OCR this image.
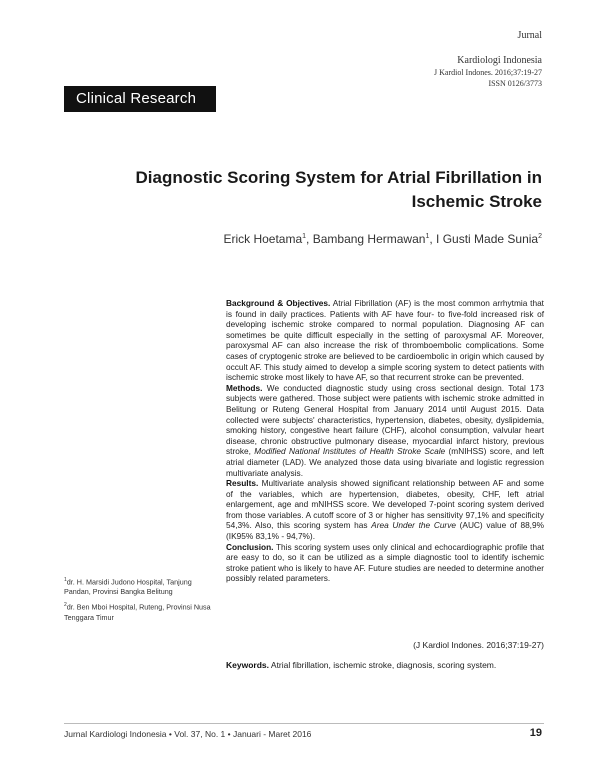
Jurnal
Kardiologi Indonesia
J Kardiol Indones. 2016;37:19-27
ISSN 0126/3773
Clinical Research
Diagnostic Scoring System for Atrial Fibrillation in
Ischemic Stroke
Erick Hoetama$^1$, Bambang Hermawan$^1$, I Gusti Made Sunia$^2$

Background & Objectives. Atrial Fibrillation (AF) is the most common arrhytmia that is found in daily practices. Patients with AF have four- to five-fold increased risk of developing ischemic stroke compared to normal population. Diagnosing AF can sometimes be quite difficult especially in the setting of paroxysmal AF. Moreover, paroxysmal AF can also increase the risk of thromboembolic complications. Some cases of cryptogenic stroke are believed to be cardioembolic in origin which caused by occult AF. This study aimed to develop a simple scoring system to detect patients with ischemic stroke most likely to have AF, so that recurrent stroke can be prevented.

Methods. We conducted diagnostic study using cross sectional design. Total 173 subjects were gathered. Those subject were patients with ischemic stroke admitted in Belitung or Ruteng General Hospital from January 2014 until August 2015. Data collected were subjects' characteristics, hypertension, diabetes, obesity, dyslipidemia, smoking history, congestive heart failure (CHF), alcohol consumption, valvular heart disease, chronic obstructive pulmonary disease, myocardial infarct history, previous stroke, Modified National Institutes of Health Stroke Scale (mNIHSS) score, and left atrial diameter (LAD). We analyzed those data using bivariate and logistic regression multivariate analysis.

Results. Multivariate analysis showed significant relationship between AF and some of the variables, which are hypertension, diabetes, obesity, CHF, left atrial enlargement, age and mNIHSS score. We developed 7-point scoring system derived from those variables. A cutoff score of 3 or higher has sensitivity 97,1% and specificity 54,3%. Also, this scoring system has Area Under the Curve (AUC) value of 88,9% (IK95% 83,1% - 94,7%).

Conclusion. This scoring system uses only clinical and echocardiographic profile that are easy to do, so it can be utilized as a simple diagnostic tool to identify ischemic stroke patient who is likely to have AF. Future studies are needed to determine another possibly related parameters.

(J Kardiol Indones. 2016;37:19-27)
Keywords. Atrial fibrillation, ischemic stroke, diagnosis, scoring system.

$^1$dr. H. Marsidi Judono Hospital, Tanjung Pandan, Provinsi Bangka Belitung

$^2$dr. Ben Mboi Hospital, Ruteng, Provinsi Nusa Tenggara Timur

Jurnal Kardiologi Indonesia • Vol. 37, No. 1 • Januari - Maret 2016	19
